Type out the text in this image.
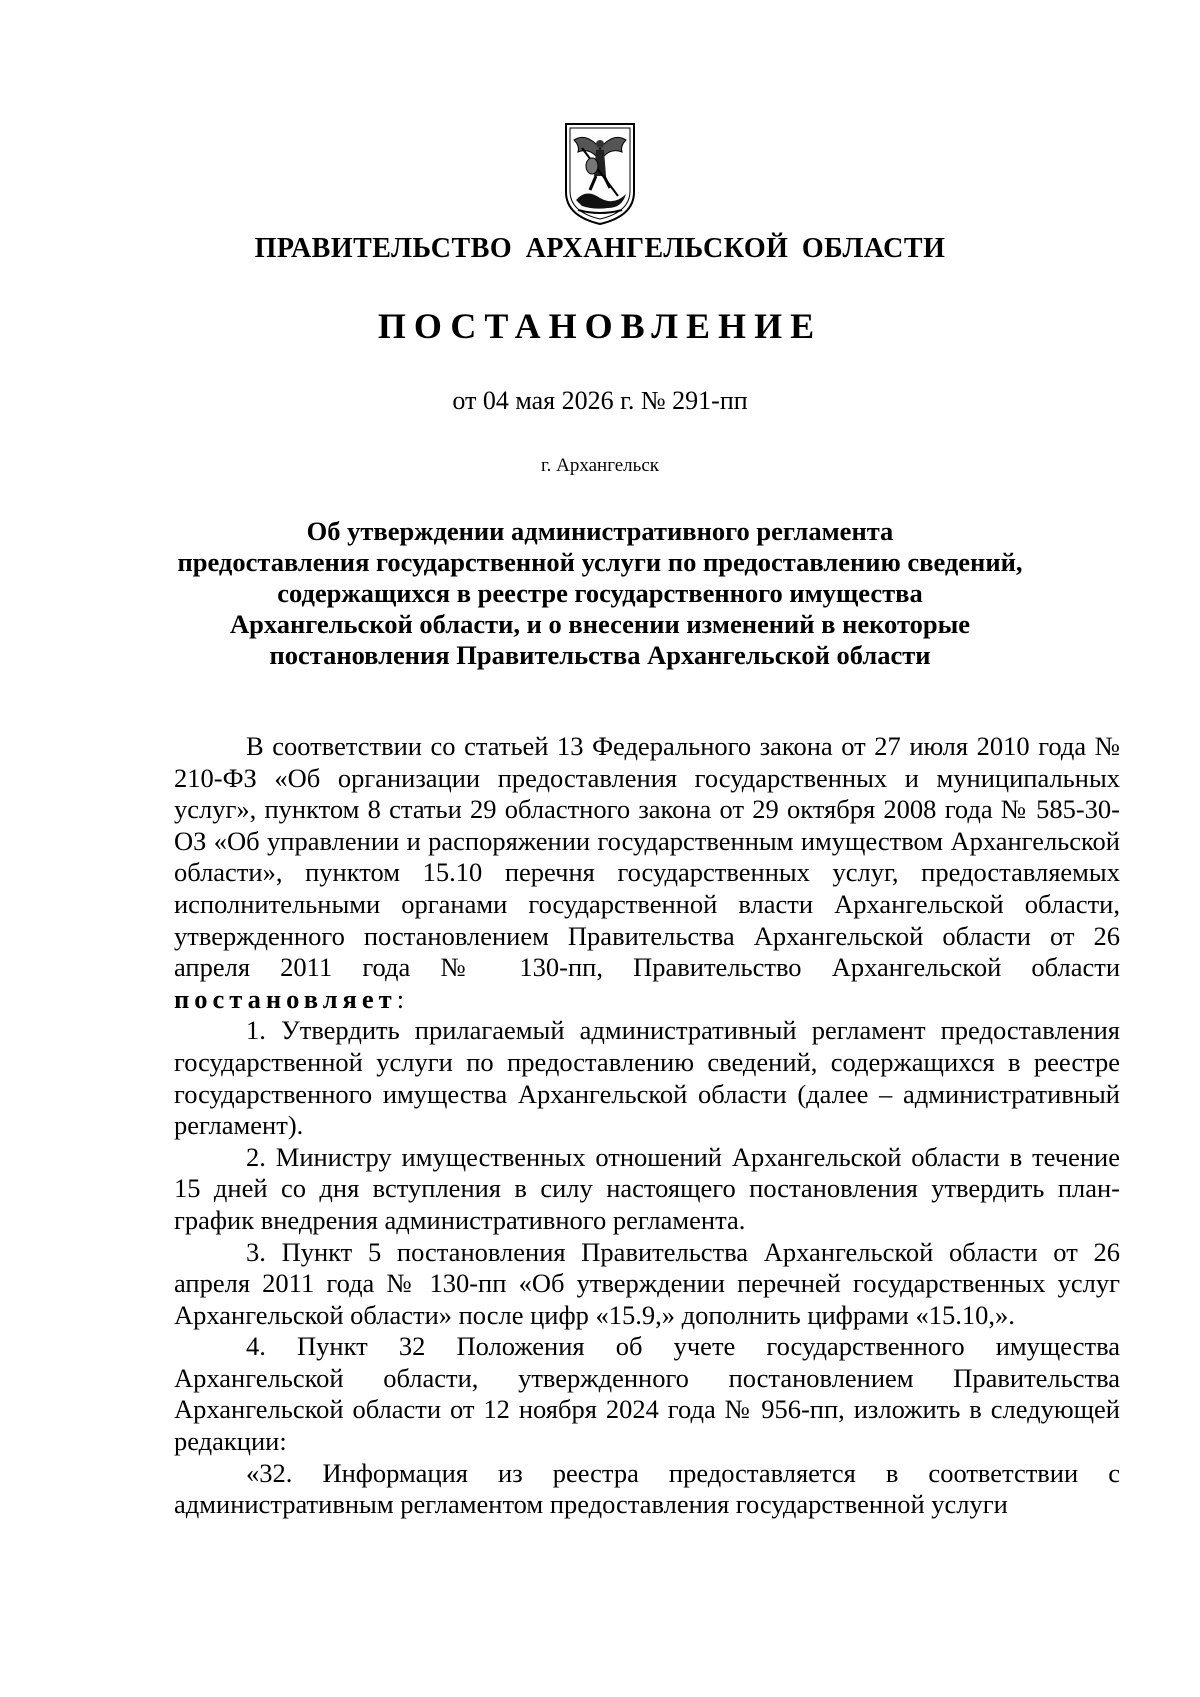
ПРАВИТЕЛЬСТВО АРХАНГЕЛЬСКОЙ ОБЛАСТИ
ПОСТАНОВЛЕНИЕ
от 04 мая 2026 г. № 291-пп
г. Архангельск
Об утверждении административного регламента
предоставления государственной услуги по предоставлению сведений,
содержащихся в реестре государственного имущества
Архангельской области, и о внесении изменений в некоторые
постановления Правительства Архангельской области

В соответствии со статьей 13 Федерального закона от 27 июля 2010 года № 210-ФЗ «Об организации предоставления государственных и муниципальных услуг», пунктом 8 статьи 29 областного закона от 29 октября 2008 года № 585-30-ОЗ «Об управлении и распоряжении государственным имуществом Архангельской области», пунктом 15.10 перечня государственных услуг, предоставляемых исполнительными органами государственной власти Архангельской области, утвержденного постановлением Правительства Архангельской области от 26 апреля 2011 года № 130-пп, Правительство Архангельской области постановляет:

1. Утвердить прилагаемый административный регламент предоставления государственной услуги по предоставлению сведений, содержащихся в реестре государственного имущества Архангельской области (далее – административный регламент).

2. Министру имущественных отношений Архангельской области в течение 15 дней со дня вступления в силу настоящего постановления утвердить план-график внедрения административного регламента.

3. Пункт 5 постановления Правительства Архангельской области от 26 апреля 2011 года № 130-пп «Об утверждении перечней государственных услуг Архангельской области» после цифр «15.9,» дополнить цифрами «15.10,».

4. Пункт 32 Положения об учете государственного имущества Архангельской области, утвержденного постановлением Правительства Архангельской области от 12 ноября 2024 года № 956-пп, изложить в следующей редакции:

«32. Информация из реестра предоставляется в соответствии с административным регламентом предоставления государственной услуги
